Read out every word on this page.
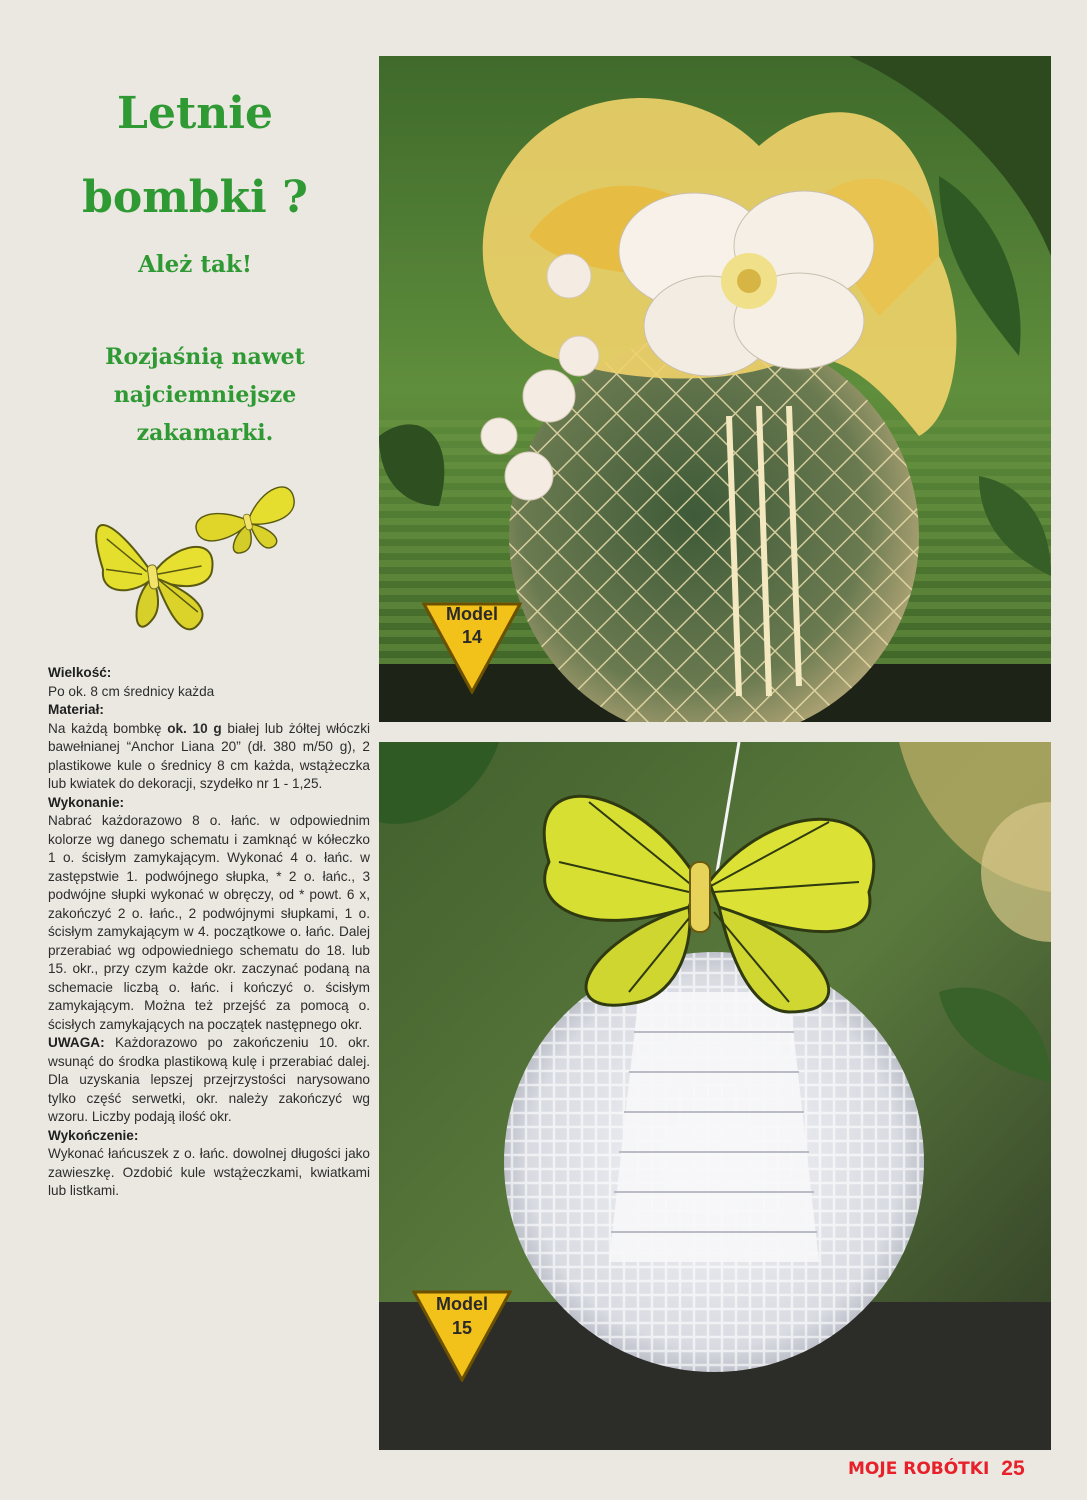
Letnie
bombki ?
Ależ tak!
Rozjaśnią nawet
najciemniejsze
zakamarki.

Wielkość:

Po ok. 8 cm średnicy każda

Materiał:

Na każdą bombkę ok. 10 g białej lub żółtej włóczki bawełnianej “Anchor Liana 20” (dł. 380 m/50 g), 2 plastikowe kule o średnicy 8 cm każda, wstążeczka lub kwiatek do dekoracji, szydełko nr 1 - 1,25.

Wykonanie:

Nabrać każdorazowo 8 o. łańc. w odpowiednim kolorze wg danego schematu i zamknąć w kółeczko 1 o. ścisłym zamykającym. Wykonać 4 o. łańc. w zastępstwie 1. podwójnego słupka, * 2 o. łańc., 3 podwójne słupki wykonać w obręczy, od * powt. 6 x, zakończyć 2 o. łańc., 2 podwójnymi słupkami, 1 o. ścisłym zamykającym w 4. początkowe o. łańc. Dalej przerabiać wg odpowiedniego schematu do 18. lub 15. okr., przy czym każde okr. zaczynać podaną na schemacie liczbą o. łańc. i kończyć o. ścisłym zamykającym. Można też przejść za pomocą o. ścisłych zamykających na początek następnego okr.

UWAGA: Każdorazowo po zakończeniu 10. okr. wsunąć do środka plastikową kulę i przerabiać dalej. Dla uzyskania lepszej przejrzystości narysowano tylko część serwetki, okr. należy zakończyć wg wzoru. Liczby podają ilość okr.

Wykończenie:

Wykonać łańcuszek z o. łańc. dowolnej długości jako zawieszkę. Ozdobić kule wstążeczkami, kwiatkami lub listkami.

Model
14
Model
15
MOJE ROBÓTKI 25
